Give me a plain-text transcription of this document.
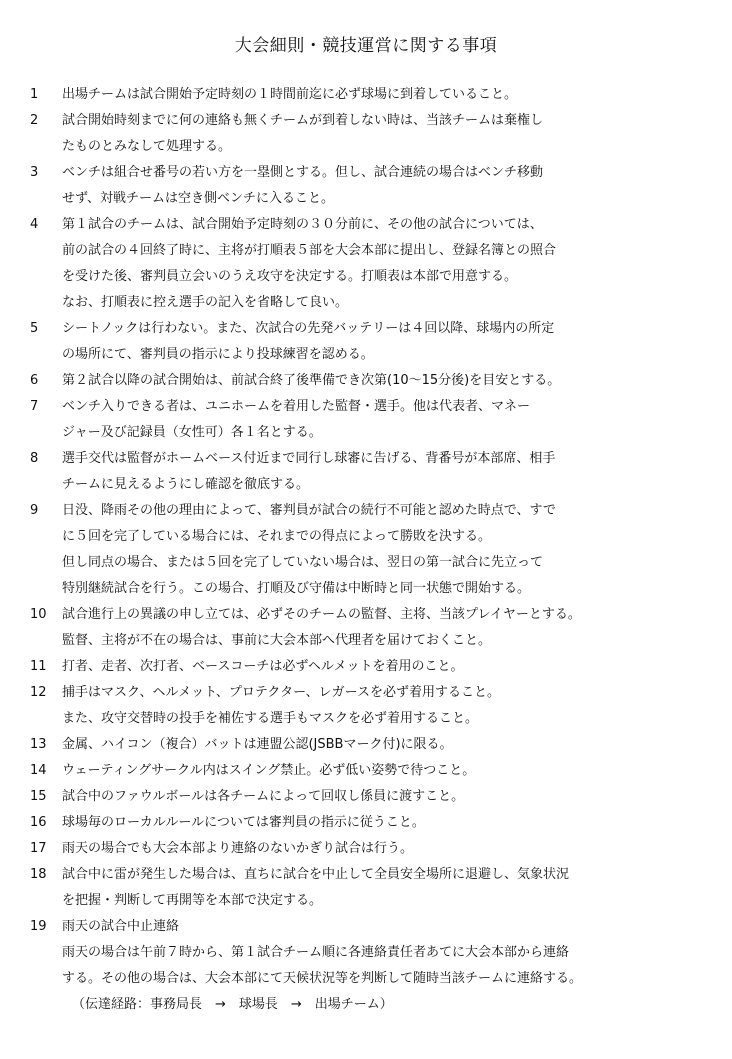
大会細則・競技運営に関する事項
1	出場チームは試合開始予定時刻の１時間前迄に必ず球場に到着していること。
2	試合開始時刻までに何の連絡も無くチームが到着しない時は、当該チームは棄権し
たものとみなして処理する。
3	ベンチは組合せ番号の若い方を一塁側とする。但し、試合連続の場合はベンチ移動
せず、対戦チームは空き側ベンチに入ること。
4	第１試合のチームは、試合開始予定時刻の３０分前に、その他の試合については、
前の試合の４回終了時に、主将が打順表５部を大会本部に提出し、登録名簿との照合
を受けた後、審判員立会いのうえ攻守を決定する。打順表は本部で用意する。
なお、打順表に控え選手の記入を省略して良い。
5	シートノックは行わない。また、次試合の先発バッテリーは４回以降、球場内の所定
の場所にて、審判員の指示により投球練習を認める。
6	第２試合以降の試合開始は、前試合終了後準備でき次第(10～15分後)を目安とする。
7	ベンチ入りできる者は、ユニホームを着用した監督・選手。他は代表者、マネー
ジャー及び記録員（女性可）各１名とする。
8	選手交代は監督がホームベース付近まで同行し球審に告げる、背番号が本部席、相手
チームに見えるようにし確認を徹底する。
9	日没、降雨その他の理由によって、審判員が試合の続行不可能と認めた時点で、すで
に５回を完了している場合には、それまでの得点によって勝敗を決する。
但し同点の場合、または５回を完了していない場合は、翌日の第一試合に先立って
特別継続試合を行う。この場合、打順及び守備は中断時と同一状態で開始する。
10	試合進行上の異議の申し立ては、必ずそのチームの監督、主将、当該プレイヤーとする。
監督、主将が不在の場合は、事前に大会本部へ代理者を届けておくこと。
11	打者、走者、次打者、ベースコーチは必ずヘルメットを着用のこと。
12	捕手はマスク、ヘルメット、プロテクター、レガースを必ず着用すること。
また、攻守交替時の投手を補佐する選手もマスクを必ず着用すること。
13	金属、ハイコン（複合）バットは連盟公認(JSBBマーク付)に限る。
14	ウェーティングサークル内はスイング禁止。必ず低い姿勢で待つこと。
15	試合中のファウルボールは各チームによって回収し係員に渡すこと。
16	球場毎のローカルルールについては審判員の指示に従うこと。
17	雨天の場合でも大会本部より連絡のないかぎり試合は行う。
18	試合中に雷が発生した場合は、直ちに試合を中止して全員安全場所に退避し、気象状況
を把握・判断して再開等を本部で決定する。
19	雨天の試合中止連絡
雨天の場合は午前７時から、第１試合チーム順に各連絡責任者あてに大会本部から連絡
する。その他の場合は、大会本部にて天候状況等を判断して随時当該チームに連絡する。
（伝達経路：事務局長　→　球場長　→　出場チーム）
